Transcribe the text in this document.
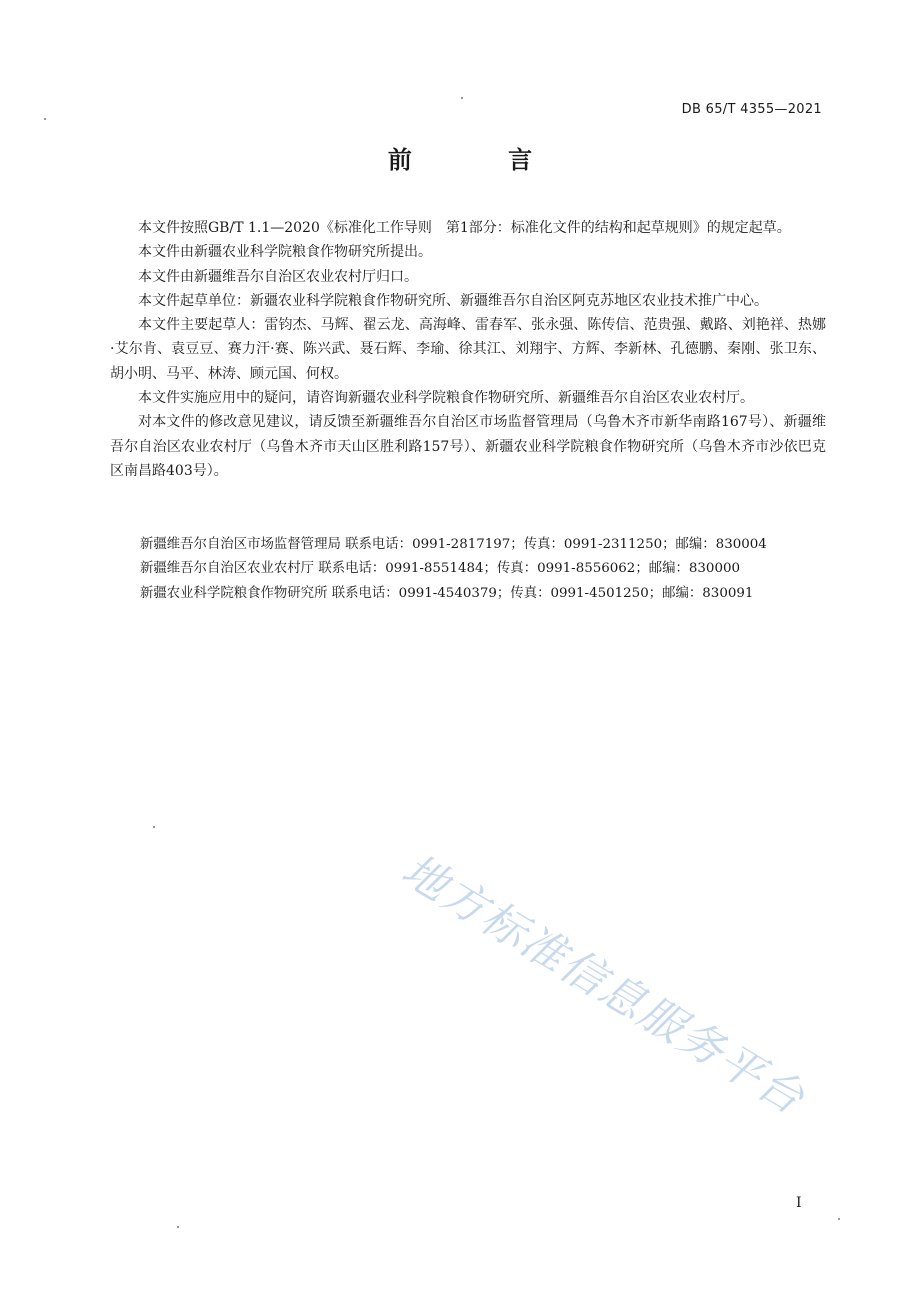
DB 65/T 4355—2021
前 言

本文件按照GB/T 1.1—2020《标准化工作导则　第1部分：标准化文件的结构和起草规则》的规定起草。

本文件由新疆农业科学院粮食作物研究所提出。

本文件由新疆维吾尔自治区农业农村厅归口。

本文件起草单位：新疆农业科学院粮食作物研究所、新疆维吾尔自治区阿克苏地区农业技术推广中心。

本文件主要起草人：雷钧杰、马辉、翟云龙、高海峰、雷春军、张永强、陈传信、范贵强、戴路、刘艳祥、热娜·艾尔肯、袁豆豆、赛力汗·赛、陈兴武、聂石辉、李瑜、徐其江、刘翔宇、方辉、李新林、孔德鹏、秦刚、张卫东、胡小明、马平、林涛、顾元国、何权。

本文件实施应用中的疑问，请咨询新疆农业科学院粮食作物研究所、新疆维吾尔自治区农业农村厅。

对本文件的修改意见建议，请反馈至新疆维吾尔自治区市场监督管理局（乌鲁木齐市新华南路167号）、新疆维吾尔自治区农业农村厅（乌鲁木齐市天山区胜利路157号）、新疆农业科学院粮食作物研究所（乌鲁木齐市沙依巴克区南昌路403号）。

新疆维吾尔自治区市场监督管理局 联系电话：0991-2817197；传真：0991-2311250；邮编：830004

新疆维吾尔自治区农业农村厅 联系电话：0991-8551484；传真：0991-8556062；邮编：830000

新疆农业科学院粮食作物研究所 联系电话：0991-4540379；传真：0991-4501250；邮编：830091

地方标准信息服务平台
I
